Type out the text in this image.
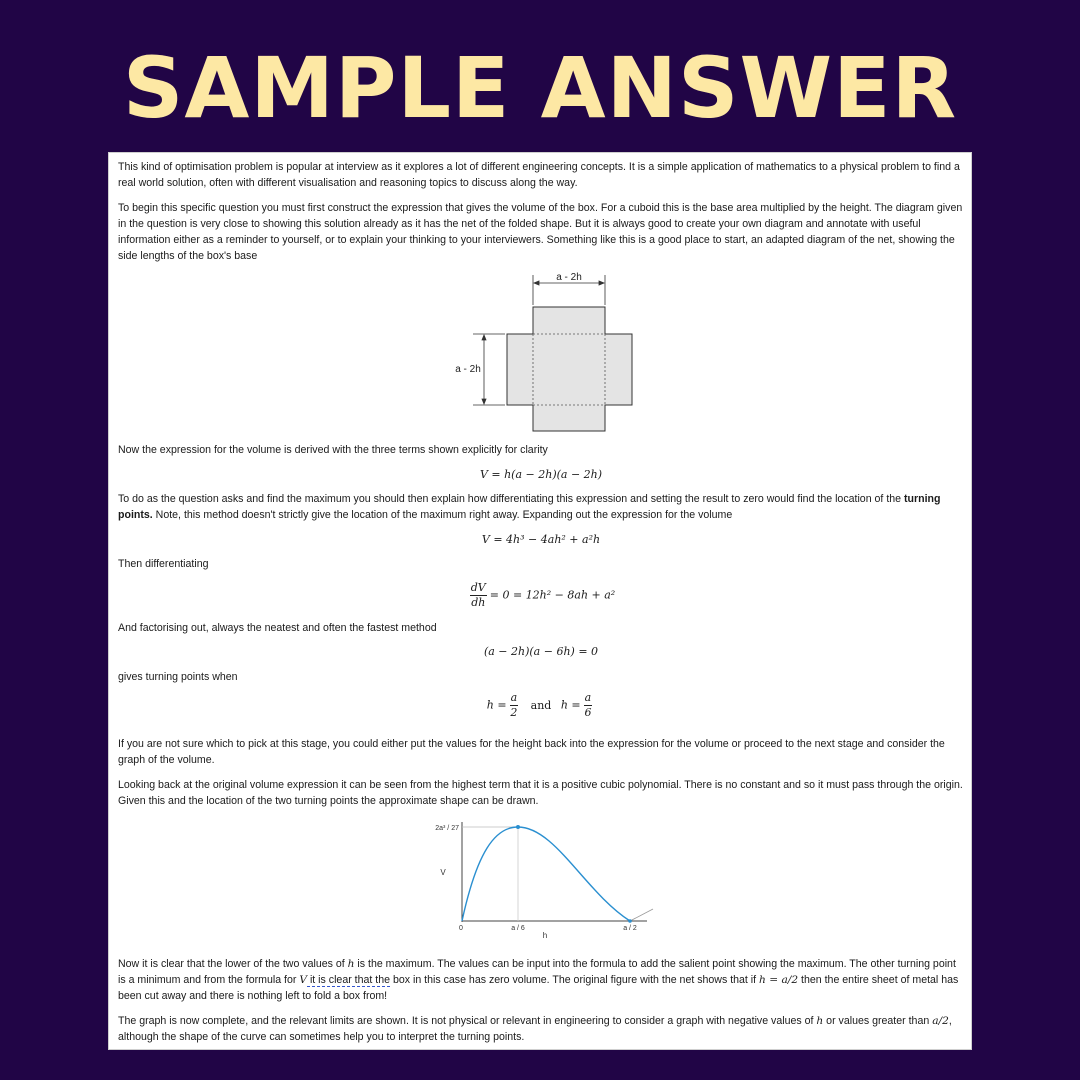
SAMPLE ANSWER
This kind of optimisation problem is popular at interview as it explores a lot of different engineering concepts. It is a simple application of mathematics to a physical problem to find a real world solution, often with different visualisation and reasoning topics to discuss along the way.
To begin this specific question you must first construct the expression that gives the volume of the box. For a cuboid this is the base area multiplied by the height. The diagram given in the question is very close to showing this solution already as it has the net of the folded shape. But it is always good to create your own diagram and annotate with useful information either as a reminder to yourself, or to explain your thinking to your interviewers. Something like this is a good place to start, an adapted diagram of the net, showing the side lengths of the box's base
a - 2h
a - 2h
Now the expression for the volume is derived with the three terms shown explicitly for clarity
V = h(a − 2h)(a − 2h)
To do as the question asks and find the maximum you should then explain how differentiating this expression and setting the result to zero would find the location of the turning points. Note, this method doesn't strictly give the location of the maximum right away. Expanding out the expression for the volume
V = 4h³ − 4ah² + a²h
Then differentiating
$\frac{dV}{dh} = 0 = 12h^2 - 8ah + a^2$
And factorising out, always the neatest and often the fastest method
(a − 2h)(a − 6h) = 0
gives turning points when
$h = \frac{a}{2}$ and $h = \frac{a}{6}$
If you are not sure which to pick at this stage, you could either put the values for the height back into the expression for the volume or proceed to the next stage and consider the graph of the volume.
Looking back at the original volume expression it can be seen from the highest term that it is a positive cubic polynomial. There is no constant and so it must pass through the origin. Given this and the location of the two turning points the approximate shape can be drawn.
2a³ / 27
V
0	a / 6	a / 2
h
Now it is clear that the lower of the two values of h is the maximum. The values can be input into the formula to add the salient point showing the maximum. The other turning point is a minimum and from the formula for V it is clear that the box in this case has zero volume. The original figure with the net shows that if h = a/2 then the entire sheet of metal has been cut away and there is nothing left to fold a box from!
The graph is now complete, and the relevant limits are shown. It is not physical or relevant in engineering to consider a graph with negative values of h or values greater than a/2, although the shape of the curve can sometimes help you to interpret the turning points.
